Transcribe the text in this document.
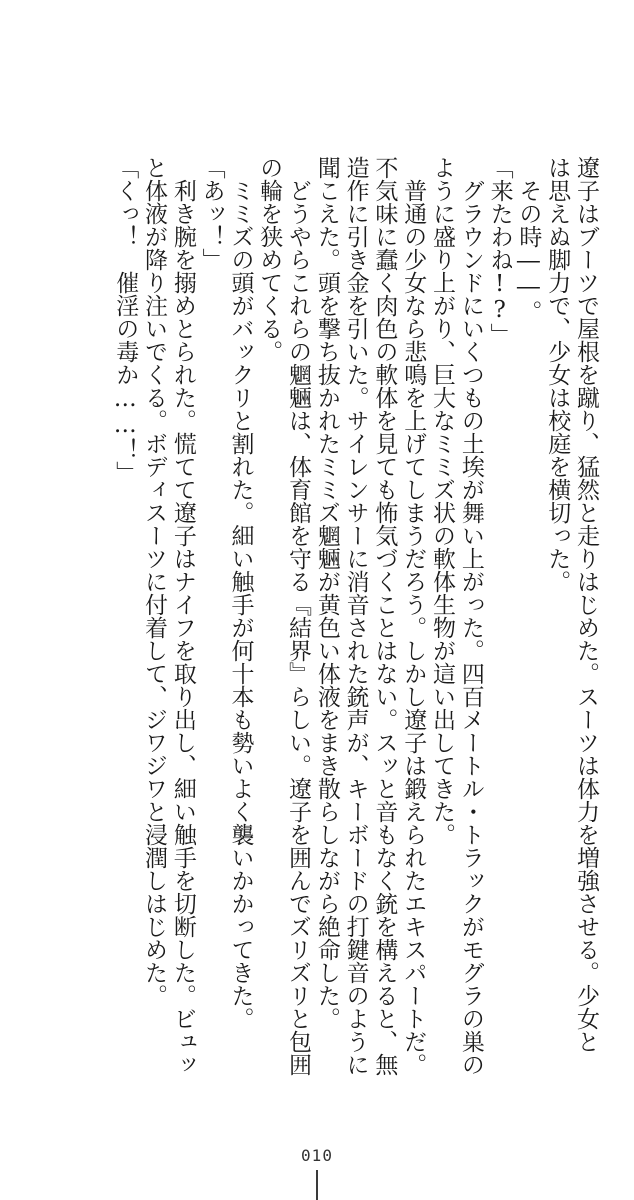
遼子はブーツで屋根を蹴り、猛然と走りはじめた。スーツは体力を増強させる。少女と
は思えぬ脚力で、少女は校庭を横切った。
　その時――。
「来たわね!?」
　グラウンドにいくつもの土埃が舞い上がった。四百メートル・トラックがモグラの巣の
ように盛り上がり、巨大なミミズ状の軟体生物が這い出してきた。
　普通の少女なら悲鳴を上げてしまうだろう。しかし遼子は鍛えられたエキスパートだ。
不気味に蠢く肉色の軟体を見ても怖気づくことはない。スッと音もなく銃を構えると、無
造作に引き金を引いた。サイレンサーに消音された銃声が、キーボードの打鍵音のように
聞こえた。頭を撃ち抜かれたミミズ魍魎が黄色い体液をまき散らしながら絶命した。
　どうやらこれらの魍魎は、体育館を守る『結界』らしい。遼子を囲んでズリズリと包囲
の輪を狭めてくる。
　ミミズの頭がバックリと割れた。細い触手が何十本も勢いよく襲いかかってきた。
「あッ！」
　利き腕を搦めとられた。慌てて遼子はナイフを取り出し、細い触手を切断した。ビュッ
と体液が降り注いでくる。ボディスーツに付着して、ジワジワと浸潤しはじめた。
「くっ！　催淫の毒か……！」
010
